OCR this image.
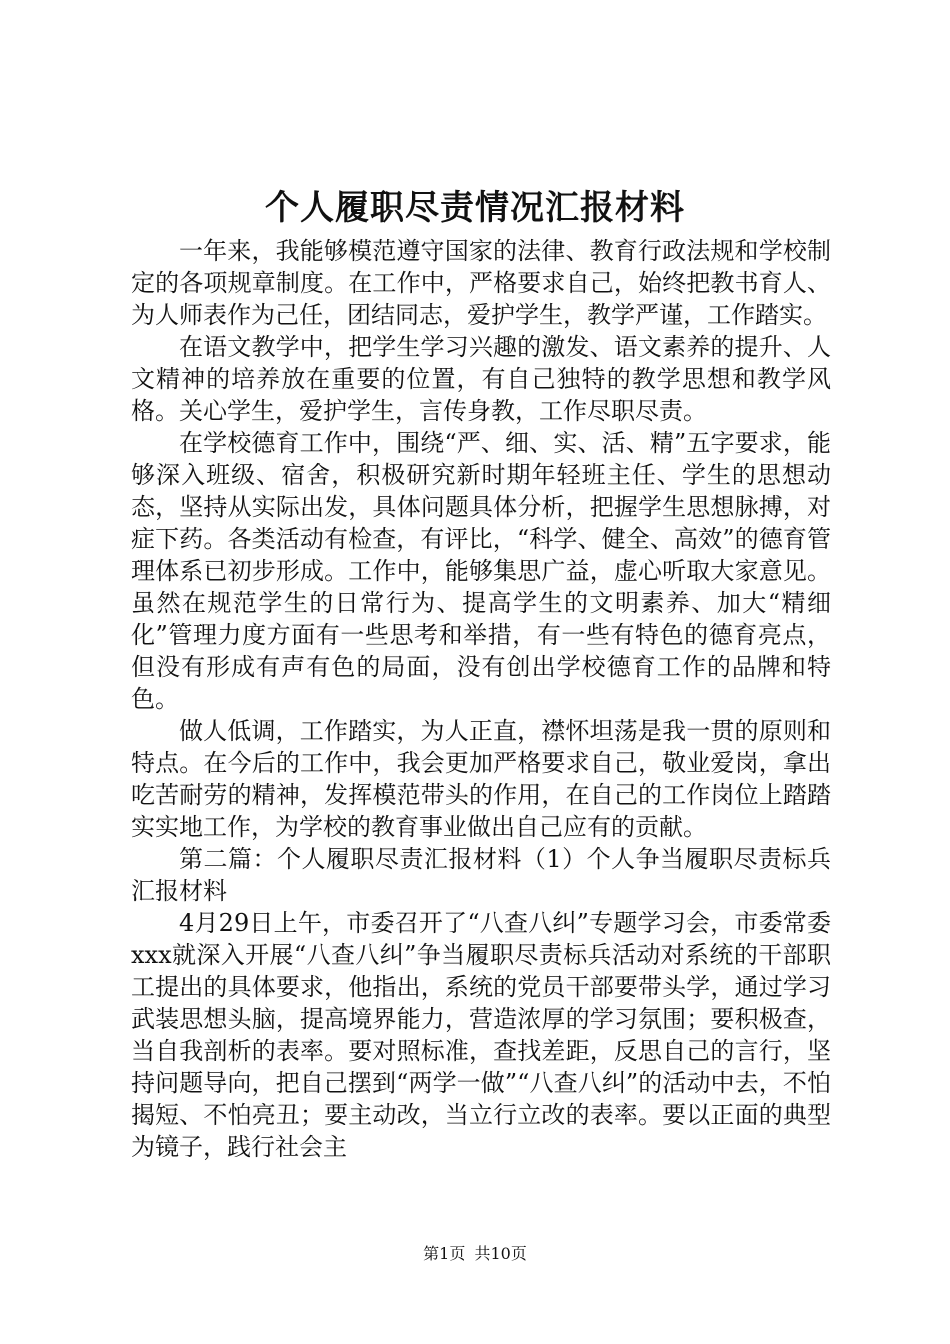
个人履职尽责情况汇报材料

一年来，我能够模范遵守国家的法律、教育行政法规和学校制定的各项规章制度。在工作中，严格要求自己，始终把教书育人、为人师表作为己任，团结同志，爱护学生，教学严谨，工作踏实。

在语文教学中，把学生学习兴趣的激发、语文素养的提升、人文精神的培养放在重要的位置，有自己独特的教学思想和教学风格。关心学生，爱护学生，言传身教，工作尽职尽责。

在学校德育工作中，围绕“严、细、实、活、精”五字要求，能够深入班级、宿舍，积极研究新时期年轻班主任、学生的思想动态，坚持从实际出发，具体问题具体分析，把握学生思想脉搏，对症下药。各类活动有检查，有评比，“科学、健全、高效”的德育管理体系已初步形成。工作中，能够集思广益，虚心听取大家意见。虽然在规范学生的日常行为、提高学生的文明素养、加大“精细化”管理力度方面有一些思考和举措，有一些有特色的德育亮点，但没有形成有声有色的局面，没有创出学校德育工作的品牌和特色。

做人低调，工作踏实，为人正直，襟怀坦荡是我一贯的原则和特点。在今后的工作中，我会更加严格要求自己，敬业爱岗，拿出吃苦耐劳的精神，发挥模范带头的作用，在自己的工作岗位上踏踏实实地工作，为学校的教育事业做出自己应有的贡献。

第二篇：个人履职尽责汇报材料（1）个人争当履职尽责标兵汇报材料

4月29日上午，市委召开了“八查八纠”专题学习会，市委常委xxx就深入开展“八查八纠”争当履职尽责标兵活动对系统的干部职工提出的具体要求，他指出，系统的党员干部要带头学，通过学习武装思想头脑，提高境界能力，营造浓厚的学习氛围；要积极查，当自我剖析的表率。要对照标准，查找差距，反思自己的言行，坚持问题导向，把自己摆到“两学一做”“八查八纠”的活动中去，不怕揭短、不怕亮丑；要主动改，当立行立改的表率。要以正面的典型为镜子，践行社会主

第1页 共10页
